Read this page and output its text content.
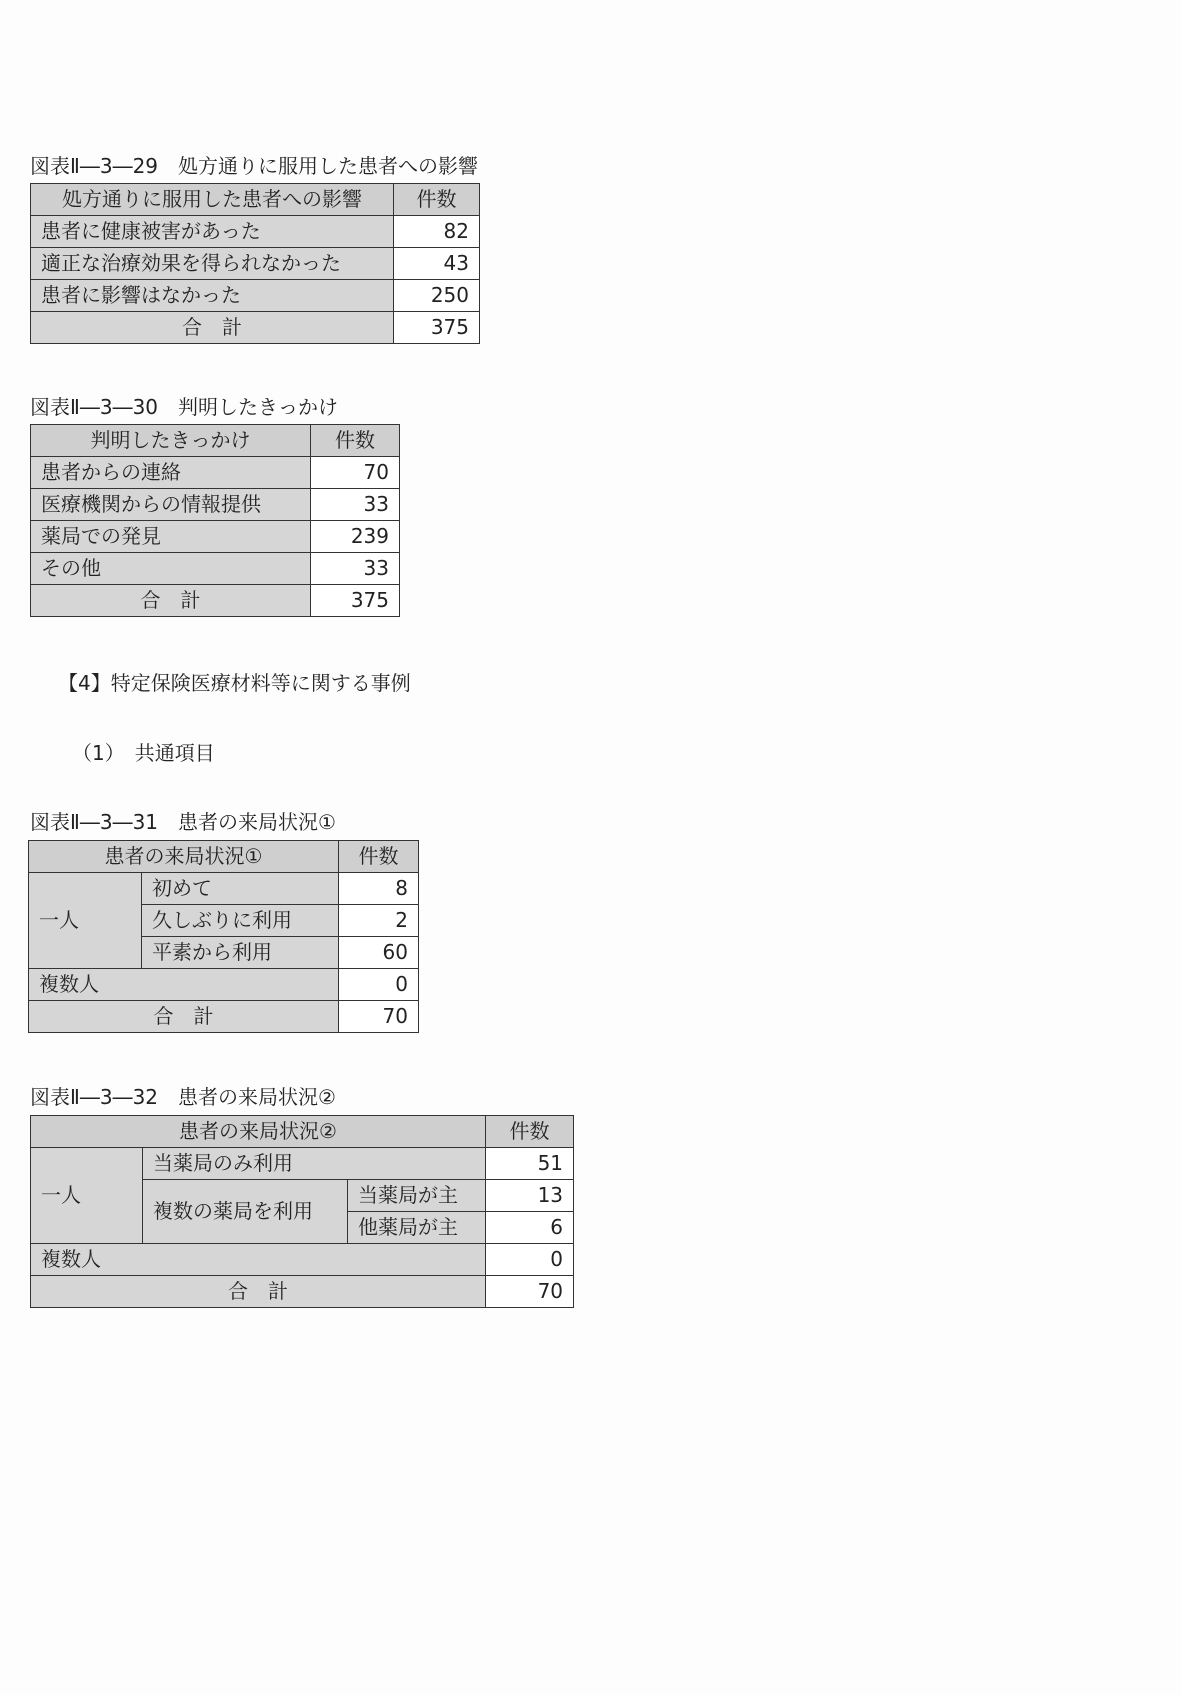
図表Ⅱ―3―29　処方通りに服用した患者への影響
処方通りに服用した患者への影響	件数
患者に健康被害があった	82
適正な治療効果を得られなかった	43
患者に影響はなかった	250
合　計	375
図表Ⅱ―3―30　判明したきっかけ
判明したきっかけ	件数
患者からの連絡	70
医療機関からの情報提供	33
薬局での発見	239
その他	33
合　計	375
【4】特定保険医療材料等に関する事例
（1）　共通項目
図表Ⅱ―3―31　患者の来局状況①
患者の来局状況①		件数
一人	初めて	8
	久しぶりに利用	2
	平素から利用	60
複数人		0
合　計		70
図表Ⅱ―3―32　患者の来局状況②
患者の来局状況②			件数
一人	当薬局のみ利用		51
	複数の薬局を利用	当薬局が主	13
		他薬局が主	6
複数人			0
合　計			70
